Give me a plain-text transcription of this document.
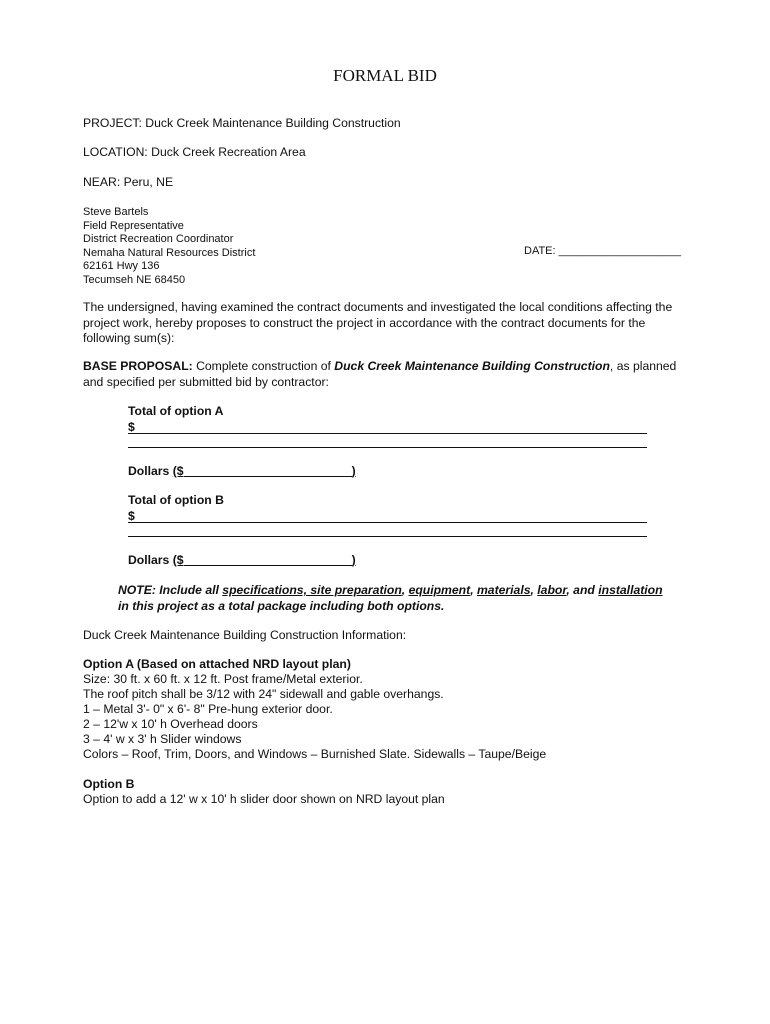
FORMAL BID
PROJECT: Duck Creek Maintenance Building Construction
LOCATION: Duck Creek Recreation Area
NEAR: Peru, NE
Steve Bartels
Field Representative
District Recreation Coordinator
Nemaha Natural Resources District
62161 Hwy 136
Tecumseh NE 68450
DATE: ____________________
The undersigned, having examined the contract documents and investigated the local conditions affecting the project work, hereby proposes to construct the project in accordance with the contract documents for the following sum(s):
BASE PROPOSAL: Complete construction of Duck Creek Maintenance Building Construction, as planned and specified per submitted bid by contractor:
Total of option A
$
Dollars ($	)
Total of option B
$
Dollars ($	)
NOTE: Include all specifications, site preparation, equipment, materials, labor, and installation
in this project as a total package including both options.
Duck Creek Maintenance Building Construction Information:
Option A (Based on attached NRD layout plan)
Size: 30 ft. x 60 ft. x 12 ft. Post frame/Metal exterior.
The roof pitch shall be 3/12 with 24" sidewall and gable overhangs.
1 – Metal 3'- 0" x 6'- 8" Pre-hung exterior door.
2 – 12'w x 10' h Overhead doors
3 – 4' w x 3' h Slider windows
Colors – Roof, Trim, Doors, and Windows – Burnished Slate. Sidewalls – Taupe/Beige
Option B
Option to add a 12' w x 10' h slider door shown on NRD layout plan
